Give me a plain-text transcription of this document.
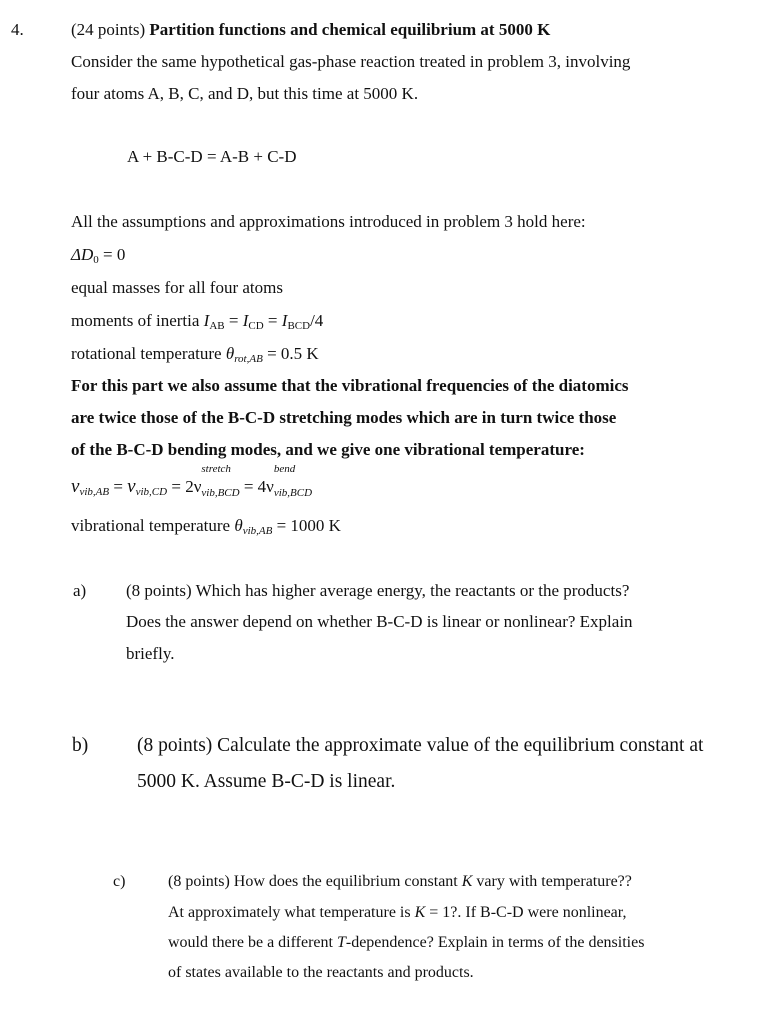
4.	(24 points) Partition functions and chemical equilibrium at 5000 K
Consider the same hypothetical gas-phase reaction treated in problem 3, involving
four atoms A, B, C, and D, but this time at 5000 K.
A + B-C-D = A-B + C-D
All the assumptions and approximations introduced in problem 3 hold here:
$\Delta D_0 = 0$
equal masses for all four atoms
moments of inertia $I_{AB} = I_{CD} = I_{BCD}/4$
rotational temperature $\theta_{rot,AB} = 0.5$ K
For this part we also assume that the vibrational frequencies of the diatomics
are twice those of the B-C-D stretching modes which are in turn twice those
of the B-C-D bending modes, and we give one vibrational temperature:
$\nu_{vib,AB} = \nu_{vib,CD} = 2\nu$
stretch
$_{vib,BCD}$ = 4ν
bend
$_{vib,BCD}$
vibrational temperature $\theta_{vib,AB} = 1000$ K
a) (8 points) Which has higher average energy, the reactants or the products?
Does the answer depend on whether B-C-D is linear or nonlinear? Explain
briefly.
b)	(8 points) Calculate the approximate value of the equilibrium constant at
5000 K. Assume B-C-D is linear.
c)	(8 points) How does the equilibrium constant K vary with temperature??
At approximately what temperature is K = 1?. If B-C-D were nonlinear,
would there be a different T-dependence? Explain in terms of the densities
of states available to the reactants and products.
